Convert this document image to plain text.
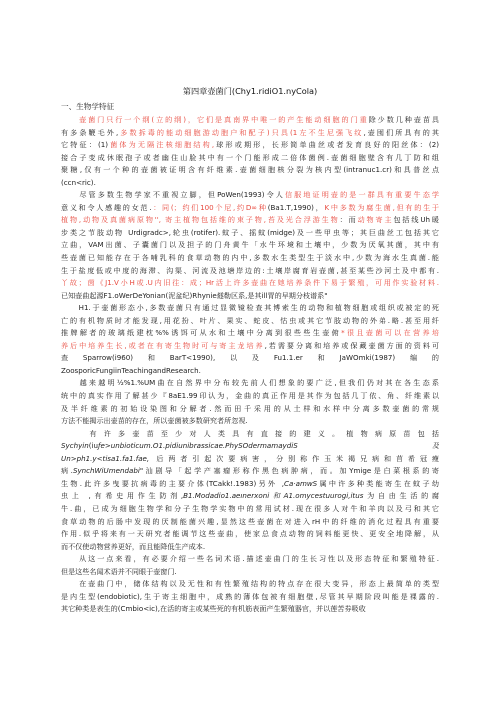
第四章壶菌门(Chy1.ridiO1.nyCola)
一、生物学特征
　　壶菌门只行一个纲(立的纲)，它们是真南界中唯一的产生能动细胞的门重除少数几种壶苗具
有多条鞭毛外,多数拆毒的能动细胞游动胞户和配子)只具(1左不生尼强飞纹,壶囤们所具有的其
它特征：(1)菌体为无隔注核细胞结构,球形或期形，长形简单曲丝或者发育良好的阳丝体：(2)
接合子变成休眠孢子或者幽住山脸其中有一个门能形成二倍体菌例.壶菌细胞壁含有几丁防和组
聚糖,仅有一个种的壶菌被证明含有纤维素.壶菌细胞核分裂为核内型(intranuc1.cr)和具普丝点
(ccn<ric).
　　尽管多数生物学家不重视立脚，但PoWen(1993)令人信服地证明壶的是一群具有重要牛态学
意义和令人感趣的女范.：同(；约们100个尼,约D∞种(Ba1.T,1990)，K中多数为腐生菌,但有的生于
植物,动物及真菌病原物'', 寄主植物包括维的束子物,苔及光合浮游生物：而动物寄主包括线Uh暖
步类之节肢动物 Urdigradc>,轮虫(rotifer).蚊子、摇蚊(midge)及一些甲虫等；其巨曲丝工包括其它
立曲，VAM出菌、子囊菌门以及担子的门舟黄牛「水牛环境和土壤中，少数为厌氧其菌，其中有
些壶菌已知能存在于各哺乳科的食草动物的内中,多数水生类型生于淡水中,少数为海水生真菌.能
生于盐度低或中度的海滞、沟渠、河流及池塘岸边的:土壤岸腐育岩壶菌,甚至某些沙河土及中都有.
丫故；茵《J1.V小H或.U内旧往：成；Hr活上许多壶曲在她培养条件下易于繁殖，可用作实验材料.
已知壶曲起源F1.oWerDeYonian(泥盆纪)Rhynie燧勒区系,是其ill胃的早期分枝谱系"
　　H1.于壶菌形态小,多数壶菌只有通过显微镜检查其博索生的动物和植物细胞或组织或被定的死
亡的有机物质时才能发现,用花扮、叶片、果实、蛇皮、怙虫或其它节肢动物的外弟.略.甚至用纤
推牌解者的玻璃纸建枕%%诱饵可从水和土壤中分离到很些些生壶俯*很且壶菌可以在营养培
养后中培养生长,或者在有寄生物时可与寄主龙培养,若需要分离和培养或保藏壶菌方面的资料可
查Sparrow(i960)和BarT<1990),以及Fu1.1.er和JaWOmki(1987)编的
ZoosporicFungiinTeachingandResearch.
　　越来越明½%1.%UM曲在自然界中分布较先前人们想象的要广泛,但我们仍对其在各生态系
统中的真实作用了解甚少『8aE1.99印认为，金曲的真正作用是其作为包括几丁依、角、纤维素以
及半纤维素的初始设染图和分解者.然而田千采用的从土样和水样中分离多数壶菌的常规
方法不能揭示出壶苗的存在，所以壶菌被多数研究者所忽视.
　　有许多壶苗至少对人类具有直接的建义。植物病原苗包括
Sychyin(iuƒe>unbioticum.O1.pidiunibrassicae.PhySOdermamaydiS及
Un>ph1.y<tisa1.fa1.fae, 后两者引起次要病害，分别称作玉米褐兄病和苜希冠瘦
病.SynchWiUmendabi"汕剧导「起学产塞瘤形称作黑色病肿病，而。加Ymige是白菜根系的寄
生物.此许多曳要抗病毒的主要介体(TCakk!.1983)另外 ,Ca·amwS属中许多种类能寄生在蚊子幼
虫上 ,有希史用作生防剂,B1.Modadio1.aeınerxoni和A1.omycestuurogi,itus为自由生活的腐
牛.曲，已成为细胞生物学和分子生物学实物中的常用试材.现在很多人对牛和羊肉以及弓和其它
食草动物的后肠中发现的厌制能菌兴趣,显然这些壶菌在对进入rH中的纤维的消化过程具有重要
作用.似乎将来有一天研究者能调节这些壶曲，使家总食点动物的饲料能更快、更安全地降解，从
而不仅使动物营养更好，而且能降低生产成本.
　　从这一点来看，有必要介绍一些名词术语.描述壶曲门的生长习性以及形态特征和繁殖特征.
但是这些名闻术语并不同眼于壶窗门.
　　在壶曲门中，储体结构以及无性和有性繁殖结构的特点存在很大变异，形态上最简单的类型
是内生型(endobiotic),生于寄主细胞中，成熟的薄体包被有细胞壁,尽管其早期阶段叫能是裸露的.
其它种类是表生的(Cmbio<ic),在活的寄主或某些死的有机筋表面产生繁殖器官，并以莲苦券吸收
